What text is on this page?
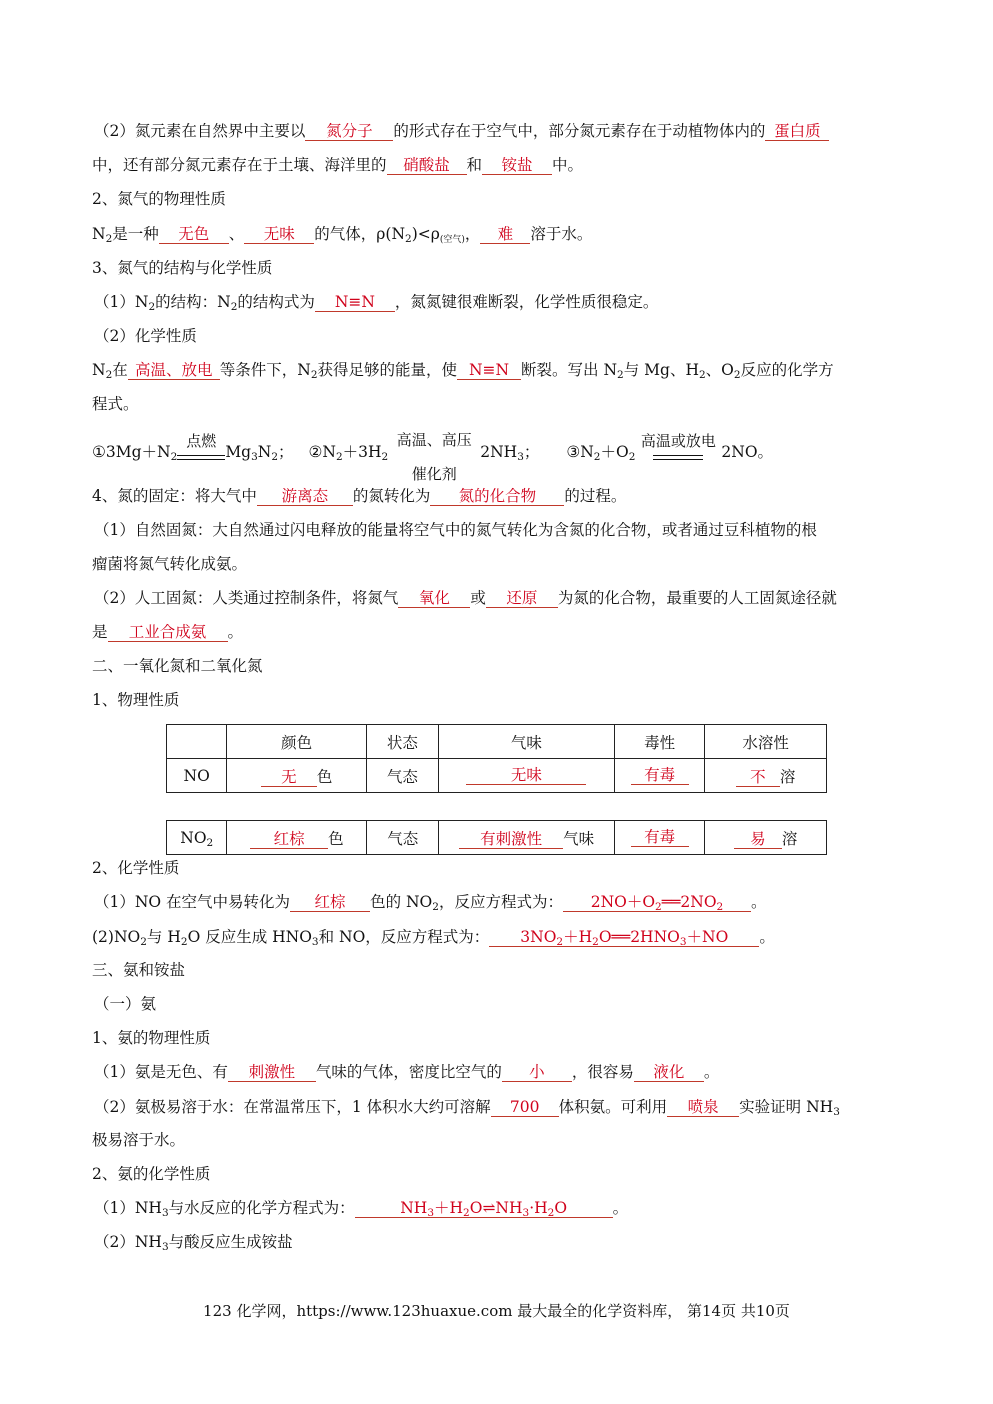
（2）氮元素在自然界中主要以 氮分子 的形式存在于空气中，部分氮元素存在于动植物体内的 蛋白质
中，还有部分氮元素存在于土壤、海洋里的 硝酸盐 和 铵盐 中。
2、氮气的物理性质
$N_2$是一种 无色 、 无味 的气体，$\rho(N_2)<\rho_{(空气)}$， 难 溶于水。
3、氮气的结构与化学性质
$(1)N_2$的结构：$N_2$的结构式为 N≡N ，氮氮键很难断裂，化学性质很稳定。
（2）化学性质
$N_2$在 高温、放电 等条件下，$N_2$获得足够的能量，使 N≡N 断裂。写出 $N_2$与 Mg、$H_2$、$O_2$反应的化学方
程式。
$①3Mg+N_2$
点燃
$Mg_3N_2$； $②N_2+3H_2$
高温、高压
催化剂
$2NH_3$； $③N_2+O_2$
高温或放电
2NO。
4、氮的固定：将大气中 游离态 的氮转化为 氮的化合物 的过程。
（1）自然固氮：大自然通过闪电释放的能量将空气中的氮气转化为含氮的化合物，或者通过豆科植物的根
瘤菌将氮气转化成氨。
（2）人工固氮：人类通过控制条件，将氮气 氧化 或 还原 为氮的化合物，最重要的人工固氮途径就
是 工业合成氨 。
二、一氧化氮和二氧化氮
1、物理性质
	颜色	状态	气味	毒性	水溶性
NO	无 色	气态	无味	有毒	不 溶
$NO_2$	红棕 色	气态	有刺激性 气味	有毒	易 溶
2、化学性质
（1）NO 在空气中易转化为 红棕 色的 $NO_2$，反应方程式为： $2NO+O_2══2NO_2$ 。
$(2)NO_2$与 $H_2O$ 反应生成 $HNO_3$和 NO，反应方程式为： $3NO_2+H_2O══2HNO_3+NO$ 。
三、氨和铵盐
（一）氨
1、氨的物理性质
（1）氨是无色、有 刺激性 气味的气体，密度比空气的 小 ，很容易 液化 。
（2）氨极易溶于水：在常温常压下，1 体积水大约可溶解 700 体积氨。可利用 喷泉 实验证明 $NH_3$
极易溶于水。
2、氨的化学性质
$(1)NH_3$与水反应的化学方程式为：	$NH_3+H_2O\rightleftharpoons NH_3\cdot H_2O$	。
$(2)NH_3$与酸反应生成铵盐
123 化学网，https://www.123huaxue.com 最大最全的化学资料库， 第14页 共10页
